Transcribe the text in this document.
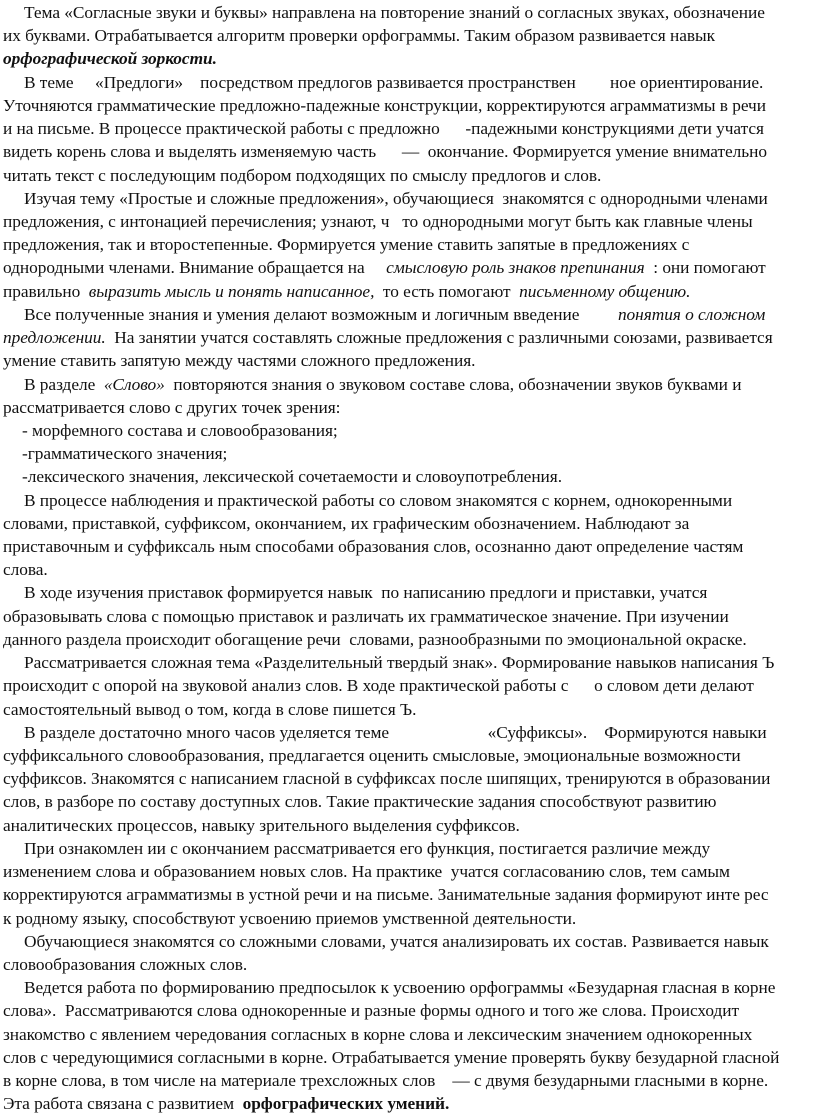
Тема «Согласные звуки и буквы» направлена на повторение знаний о согласных звуках, обозначение
их буквами. Отрабатывается алгоритм проверки орфограммы. Таким образом развивается навык
орфографической зоркости.
В теме     «Предлоги»    посредством предлогов развивается пространствен        ное ориентирование.
Уточняются грамматические предложно-падежные конструкции, корректируются аграмматизмы в речи
и на письме. В процессе практической работы с предложно      -падежными конструкциями дети учатся
видеть корень слова и выделять изменяемую часть      —  окончание. Формируется умение внимательно
читать текст с последующим подбором подходящих по смыслу предлогов и слов.
Изучая тему «Простые и сложные предложения», обучающиеся  знакомятся с однородными членами
предложения, с интонацией перечисления; узнают, ч   то однородными могут быть как главные члены
предложения, так и второстепенные. Формируется умение ставить запятые в предложениях с
однородными членами. Внимание обращается на     смысловую роль знаков препинания  : они помогают
правильно  выразить мысль и понять написанное,  то есть помогают  письменному общению.
Все полученные знания и умения делают возможным и логичным введение         понятия о сложном
предложении.  На занятии учатся составлять сложные предложения с различными союзами, развивается
умение ставить запятую между частями сложного предложения.
В разделе  «Слово»  повторяются знания о звуковом составе слова, обозначении звуков буквами и
рассматривается слово с других точек зрения:
- морфемного состава и словообразования;
-грамматического значения;
-лексического значения, лексической сочетаемости и словоупотребления.
В процессе наблюдения и практической работы со словом знакомятся с корнем, однокоренными
словами, приставкой, суффиксом, окончанием, их графическим обозначением. Наблюдают за
приставочным и суффиксаль ным способами образования слов, осознанно дают определение частям
слова.
В ходе изучения приставок формируется навык  по написанию предлоги и приставки, учатся
образовывать слова с помощью приставок и различать их грамматическое значение. При изучении
данного раздела происходит обогащение речи  словами, разнообразными по эмоциональной окраске.
Рассматривается сложная тема «Разделительный твердый знак». Формирование навыков написания Ъ
происходит с опорой на звуковой анализ слов. В ходе практической работы с      о словом дети делают
самостоятельный вывод о том, когда в слове пишется Ъ.
В разделе достаточно много часов уделяется теме                       «Суффиксы».    Формируются навыки
суффиксального словообразования, предлагается оценить смысловые, эмоциональные возможности
суффиксов. Знакомятся с написанием гласной в суффиксах после шипящих, тренируются в образовании
слов, в разборе по составу доступных слов. Такие практические задания способствуют развитию
аналитических процессов, навыку зрительного выделения суффиксов.
При ознакомлен ии с окончанием рассматривается его функция, постигается различие между
изменением слова и образованием новых слов. На практике  учатся согласованию слов, тем самым
корректируются аграмматизмы в устной речи и на письме. Занимательные задания формируют инте рес
к родному языку, способствуют усвоению приемов умственной деятельности.
Обучающиеся знакомятся со сложными словами, учатся анализировать их состав. Развивается навык
словообразования сложных слов.
Ведется работа по формированию предпосылок к усвоению орфограммы «Безударная гласная в корне
слова».  Рассматриваются слова однокоренные и разные формы одного и того же слова. Происходит
знакомство с явлением чередования согласных в корне слова и лексическим значением однокоренных
слов с чередующимися согласными в корне. Отрабатывается умение проверять букву безударной гласной
в корне слова, в том числе на материале трехсложных слов    — с двумя безударными гласными в корне.
Эта работа связана с развитием  орфографических умений.
